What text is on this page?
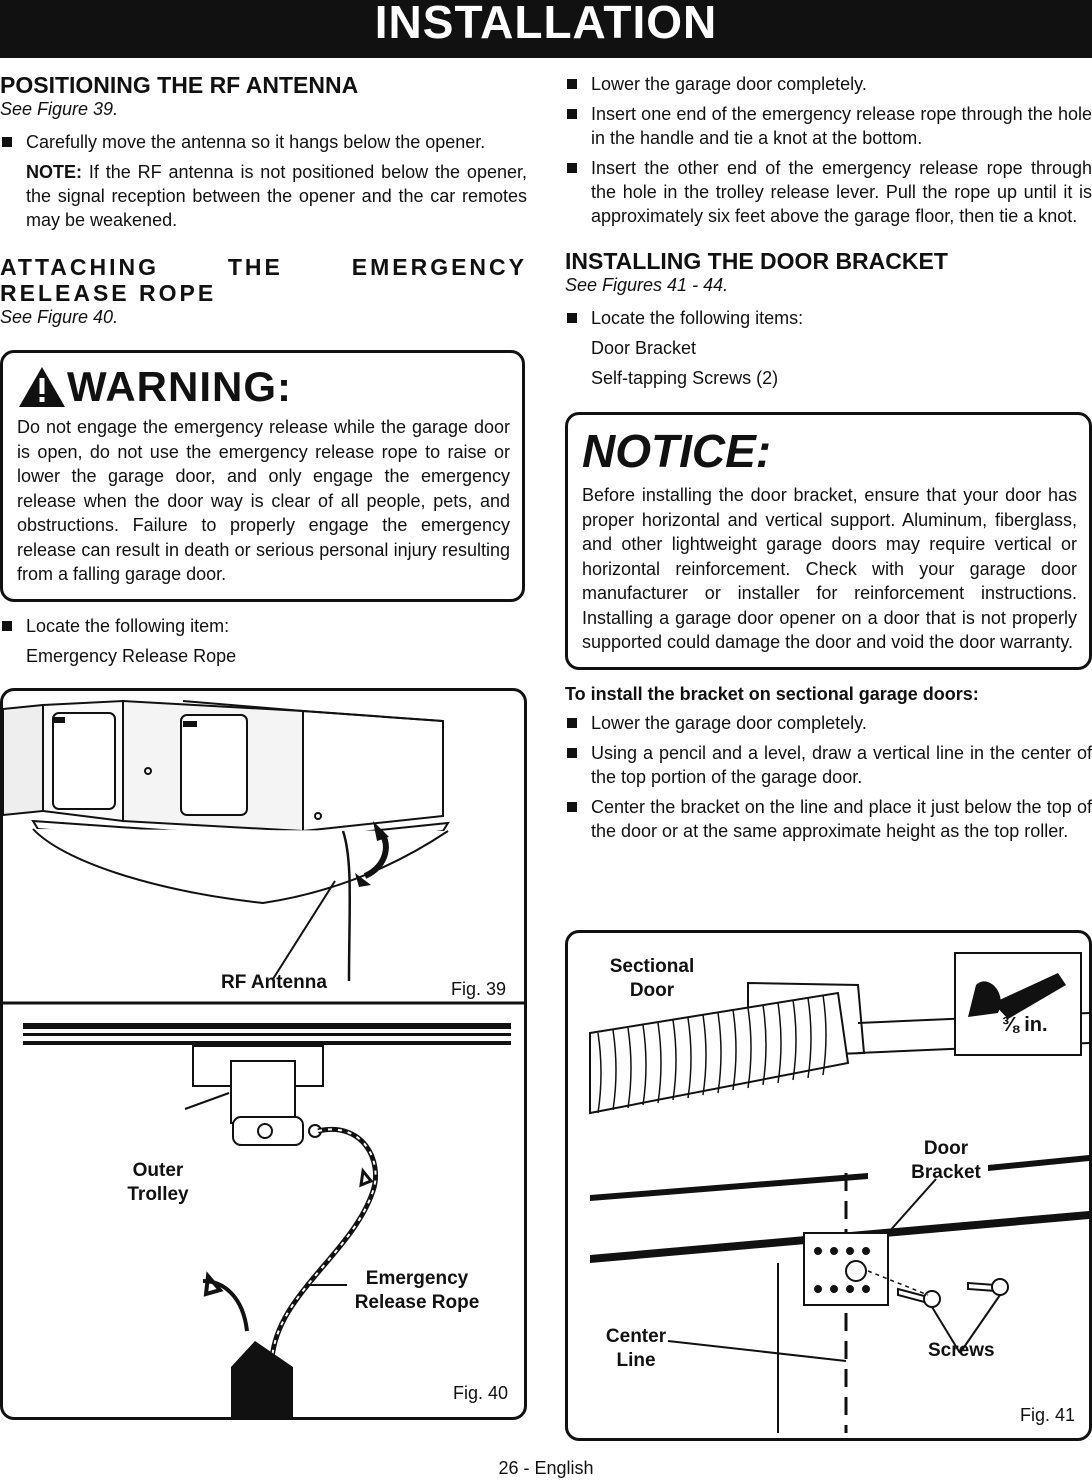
INSTALLATION
POSITIONING THE RF ANTENNA
See Figure 39.
Carefully move the antenna so it hangs below the opener.
NOTE: If the RF antenna is not positioned below the opener, the signal reception between the opener and the car remotes may be weakened.
ATTACHING THE EMERGENCY RELEASE ROPE
See Figure 40.
WARNING:
Do not engage the emergency release while the garage door is open, do not use the emergency release rope to raise or lower the garage door, and only engage the emergency release when the door way is clear of all people, pets, and obstructions. Failure to properly engage the emergency release can result in death or serious personal injury resulting from a falling garage door.
Locate the following item:
Emergency Release Rope
RF Antenna	Fig. 39
Outer
Trolley
Emergency
Release Rope
Fig. 40
Lower the garage door completely.
Insert one end of the emergency release rope through the hole in the handle and tie a knot at the bottom.
Insert the other end of the emergency release rope through the hole in the trolley release lever. Pull the rope up until it is approximately six feet above the garage floor, then tie a knot.
INSTALLING THE DOOR BRACKET
See Figures 41 - 44.
Locate the following items:
Door Bracket
Self-tapping Screws (2)
NOTICE:
Before installing the door bracket, ensure that your door has proper horizontal and vertical support. Aluminum, fiberglass, and other lightweight garage doors may require vertical or horizontal reinforcement. Check with your garage door manufacturer or installer for reinforcement instructions. Installing a garage door opener on a door that is not properly supported could damage the door and void the door warranty.
To install the bracket on sectional garage doors:
Lower the garage door completely.
Using a pencil and a level, draw a vertical line in the center of the top portion of the garage door.
Center the bracket on the line and place it just below the top of the door or at the same approximate height as the top roller.
Sectional
Door
⅜ in.
Door
Bracket
Center
Line	Screws
Fig. 41
26 - English
